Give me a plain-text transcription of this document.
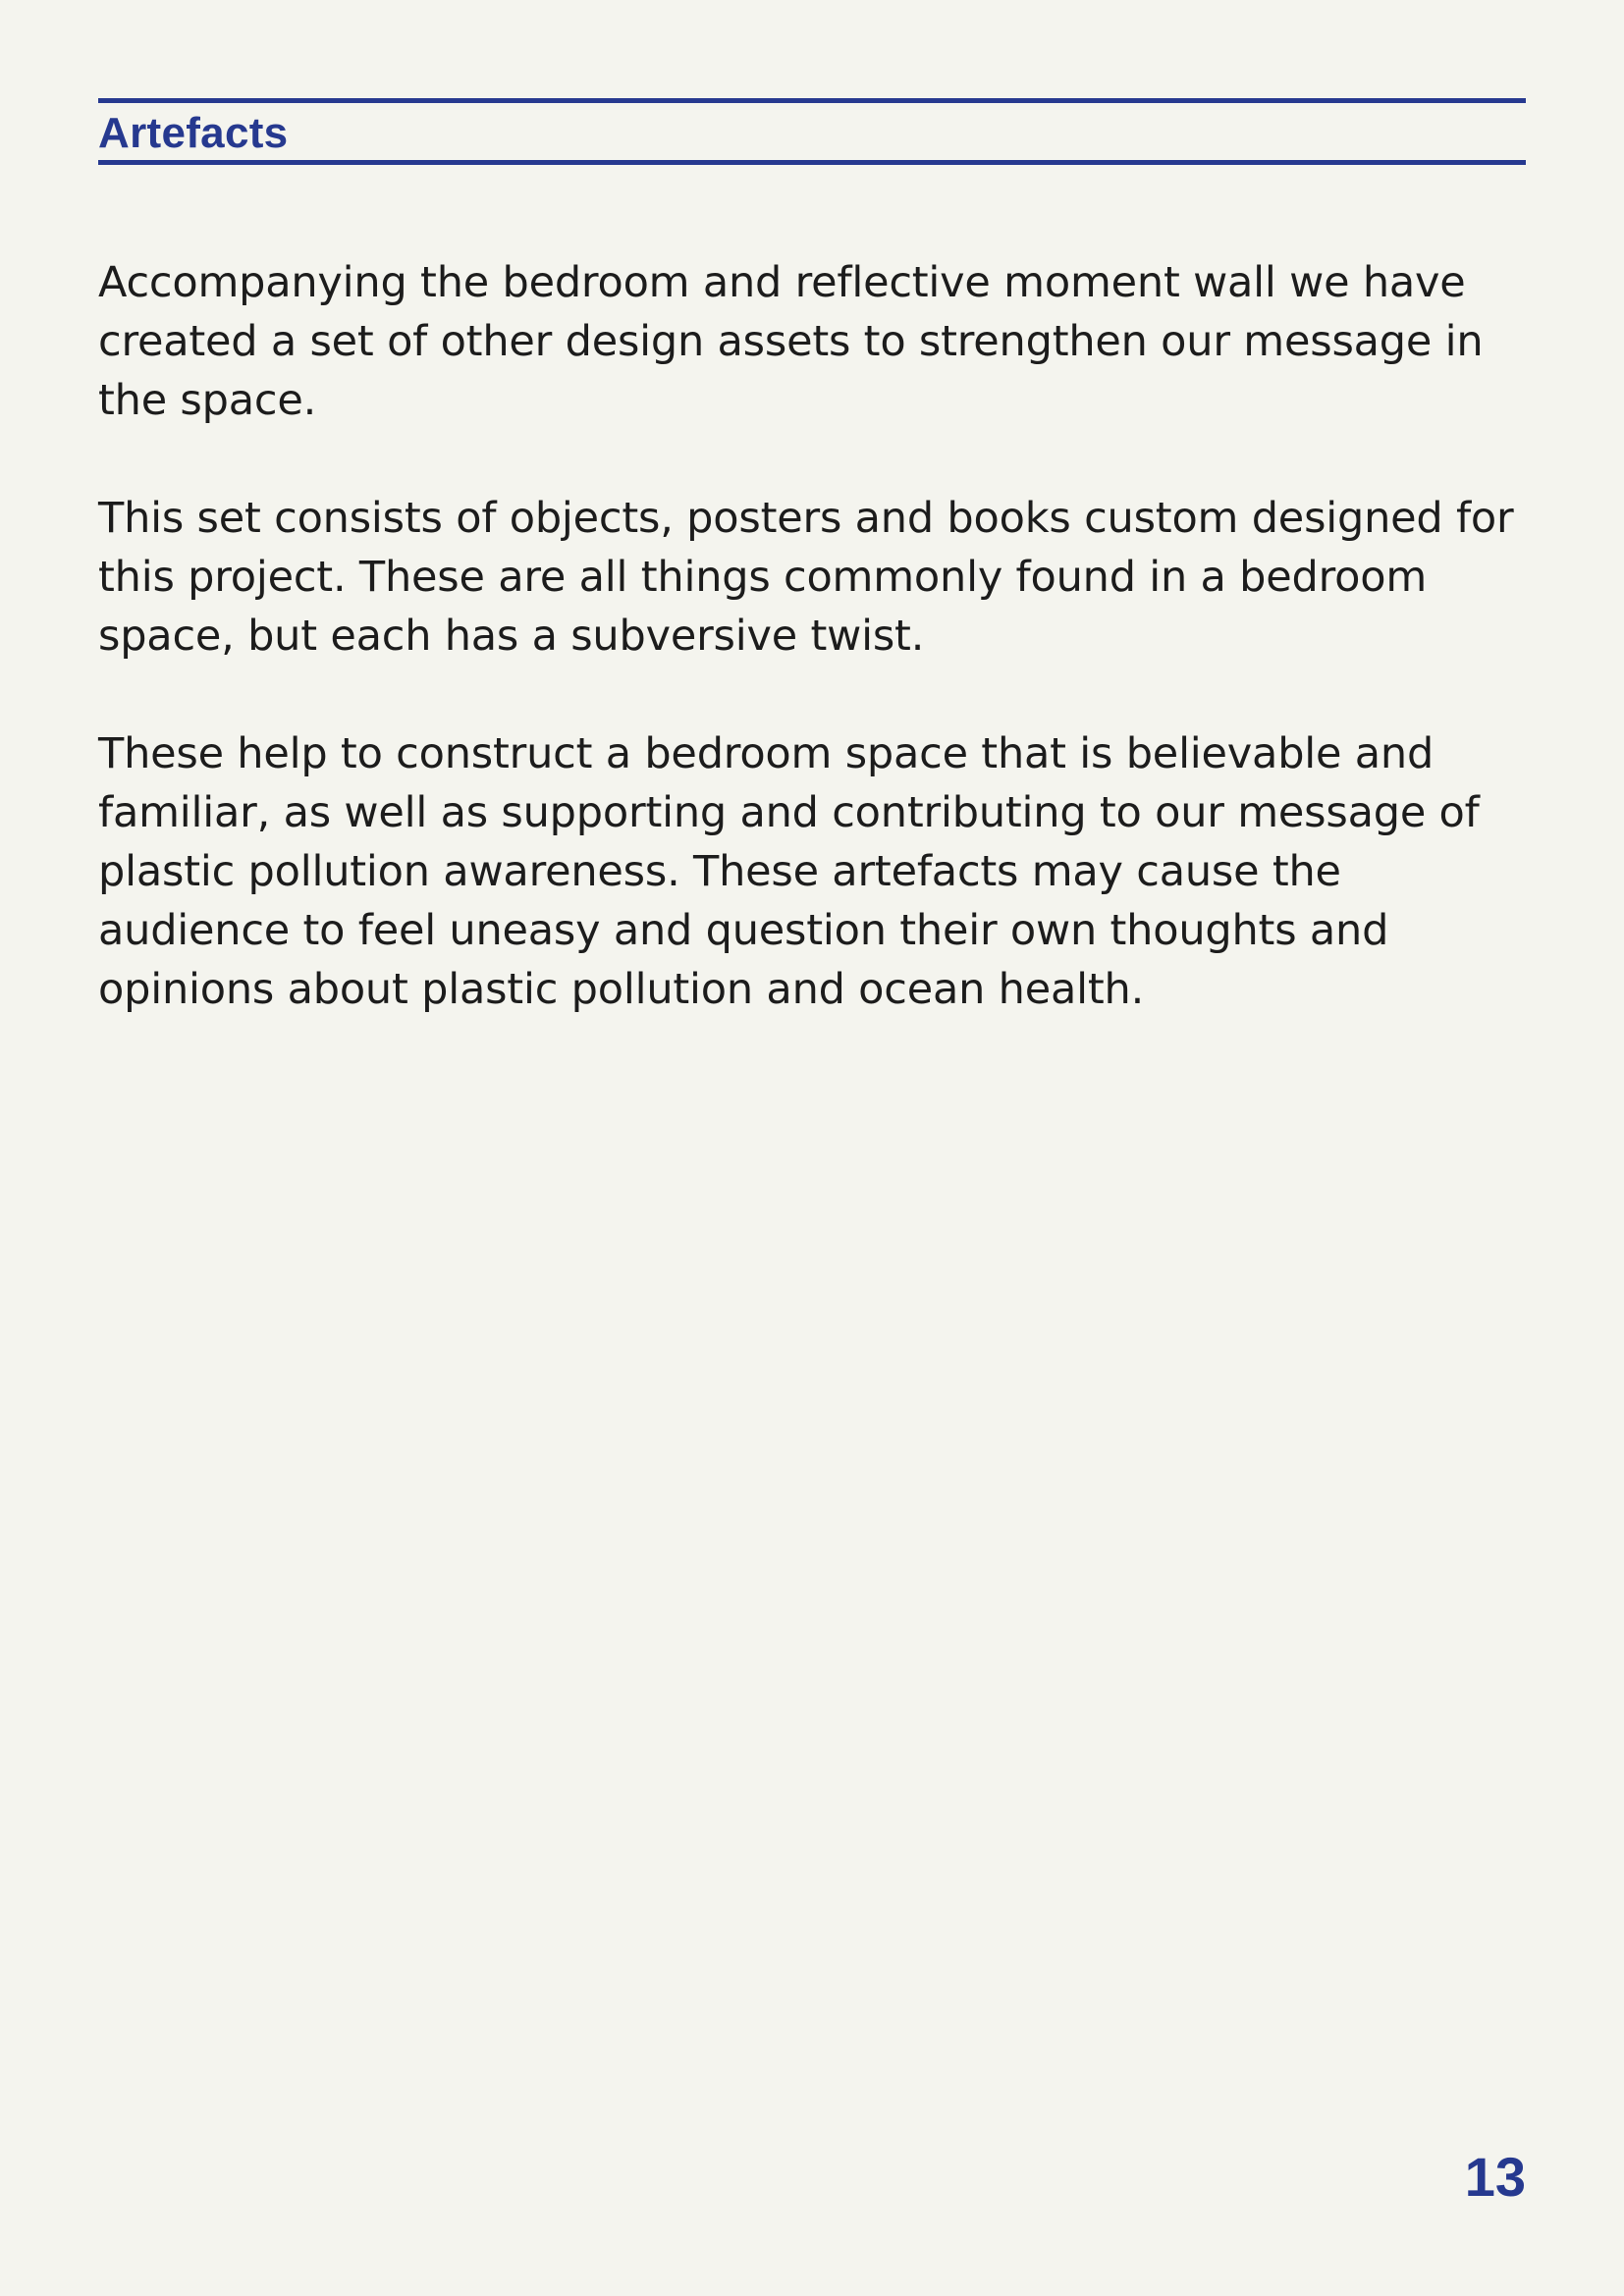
Artefacts

Accompanying the bedroom and reflective moment wall we have created a set of other design assets to strengthen our message in the space.

This set consists of objects, posters and books custom designed for this project. These are all things commonly found in a bedroom space, but each has a subversive twist.

These help to construct a bedroom space that is believable and familiar, as well as supporting and contributing to our message of plastic pollution awareness. These artefacts may cause the audience to feel uneasy and question their own thoughts and opinions about plastic pollution and ocean health.

13
